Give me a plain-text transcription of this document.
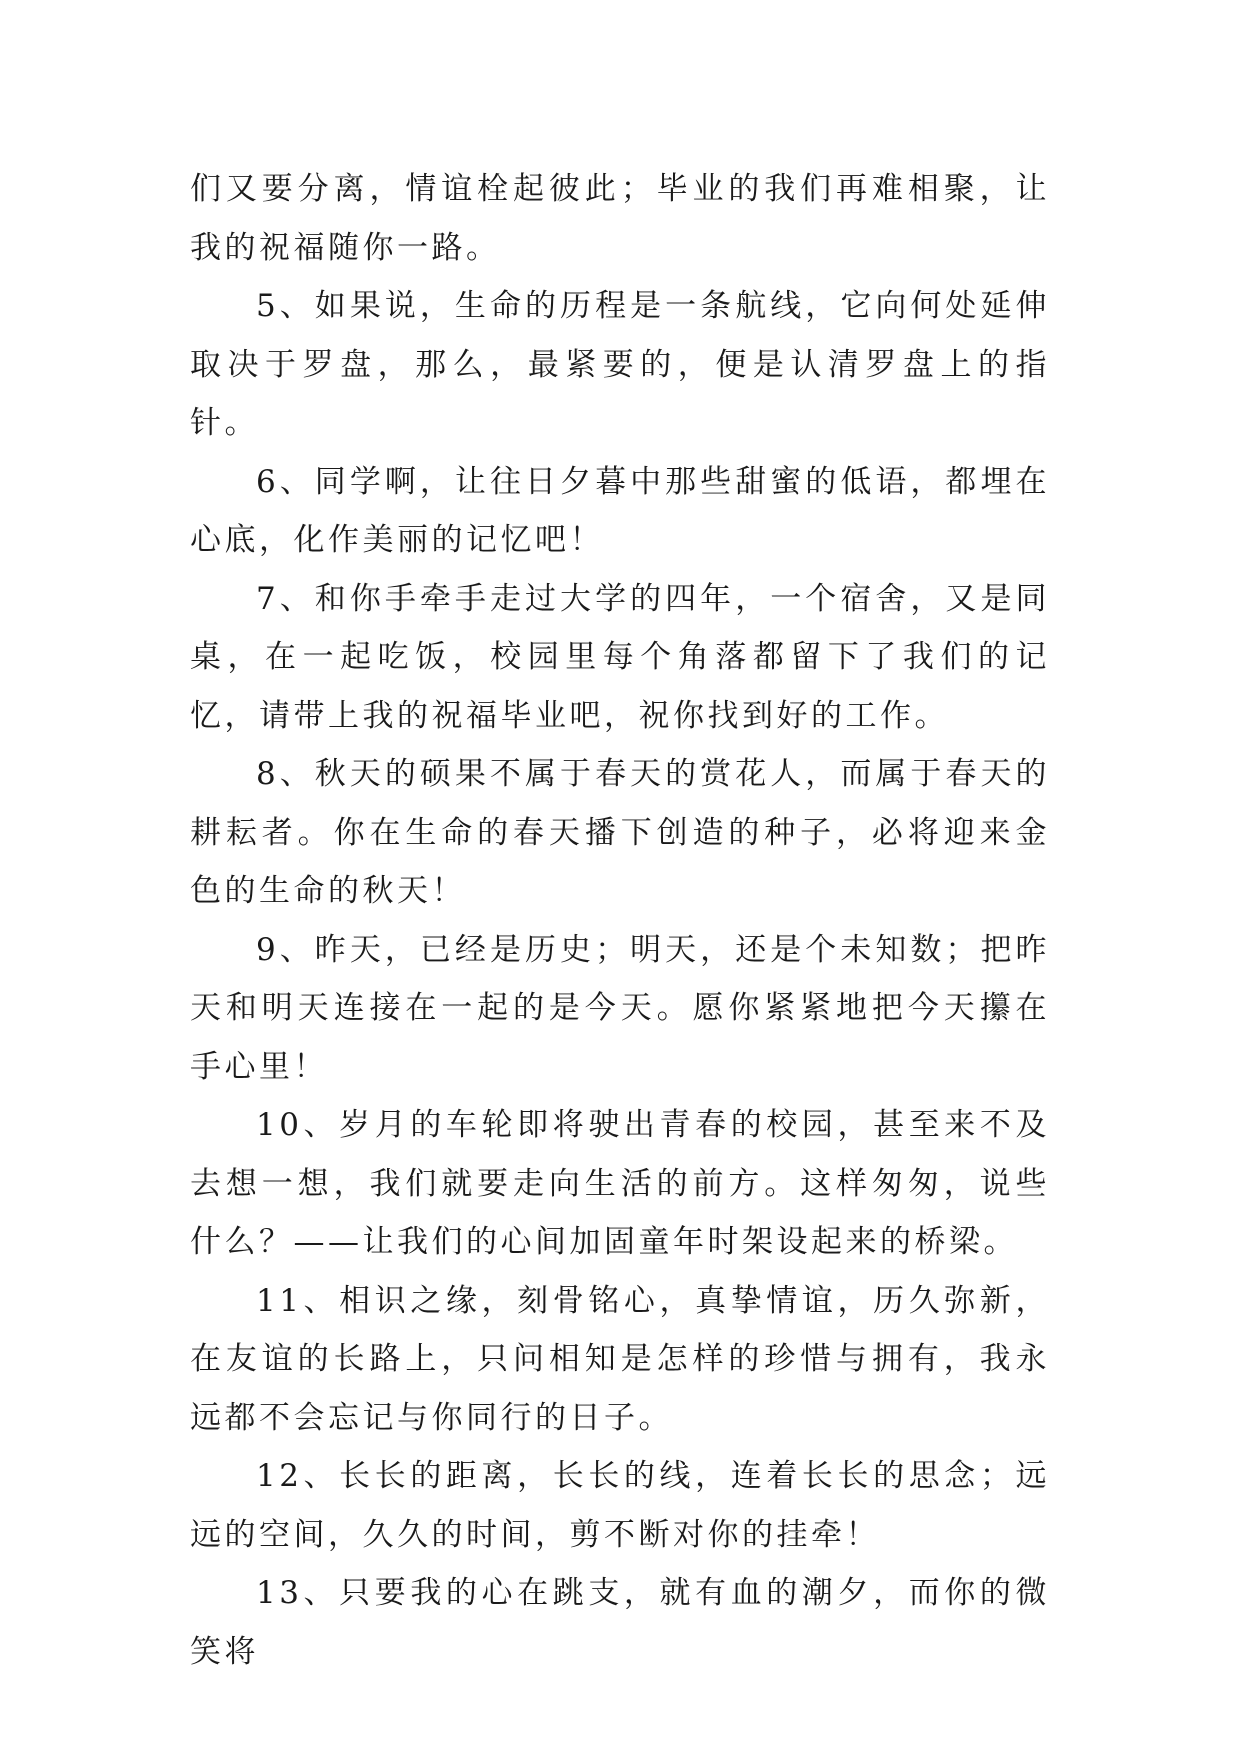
们又要分离，情谊栓起彼此；毕业的我们再难相聚，让我的祝福随你一路。

5、如果说，生命的历程是一条航线，它向何处延伸取决于罗盘，那么，最紧要的，便是认清罗盘上的指针。

6、同学啊，让往日夕暮中那些甜蜜的低语，都埋在心底，化作美丽的记忆吧！

7、和你手牵手走过大学的四年，一个宿舍，又是同桌，在一起吃饭，校园里每个角落都留下了我们的记忆，请带上我的祝福毕业吧，祝你找到好的工作。

8、秋天的硕果不属于春天的赏花人，而属于春天的耕耘者。你在生命的春天播下创造的种子，必将迎来金色的生命的秋天！

9、昨天，已经是历史；明天，还是个未知数；把昨天和明天连接在一起的是今天。愿你紧紧地把今天攥在手心里！

10、岁月的车轮即将驶出青春的校园，甚至来不及去想一想，我们就要走向生活的前方。这样匆匆，说些什么？——让我们的心间加固童年时架设起来的桥梁。

11、相识之缘，刻骨铭心，真挚情谊，历久弥新，在友谊的长路上，只问相知是怎样的珍惜与拥有，我永远都不会忘记与你同行的日子。

12、长长的距离，长长的线，连着长长的思念；远远的空间，久久的时间，剪不断对你的挂牵！

13、只要我的心在跳支，就有血的潮夕，而你的微笑将
